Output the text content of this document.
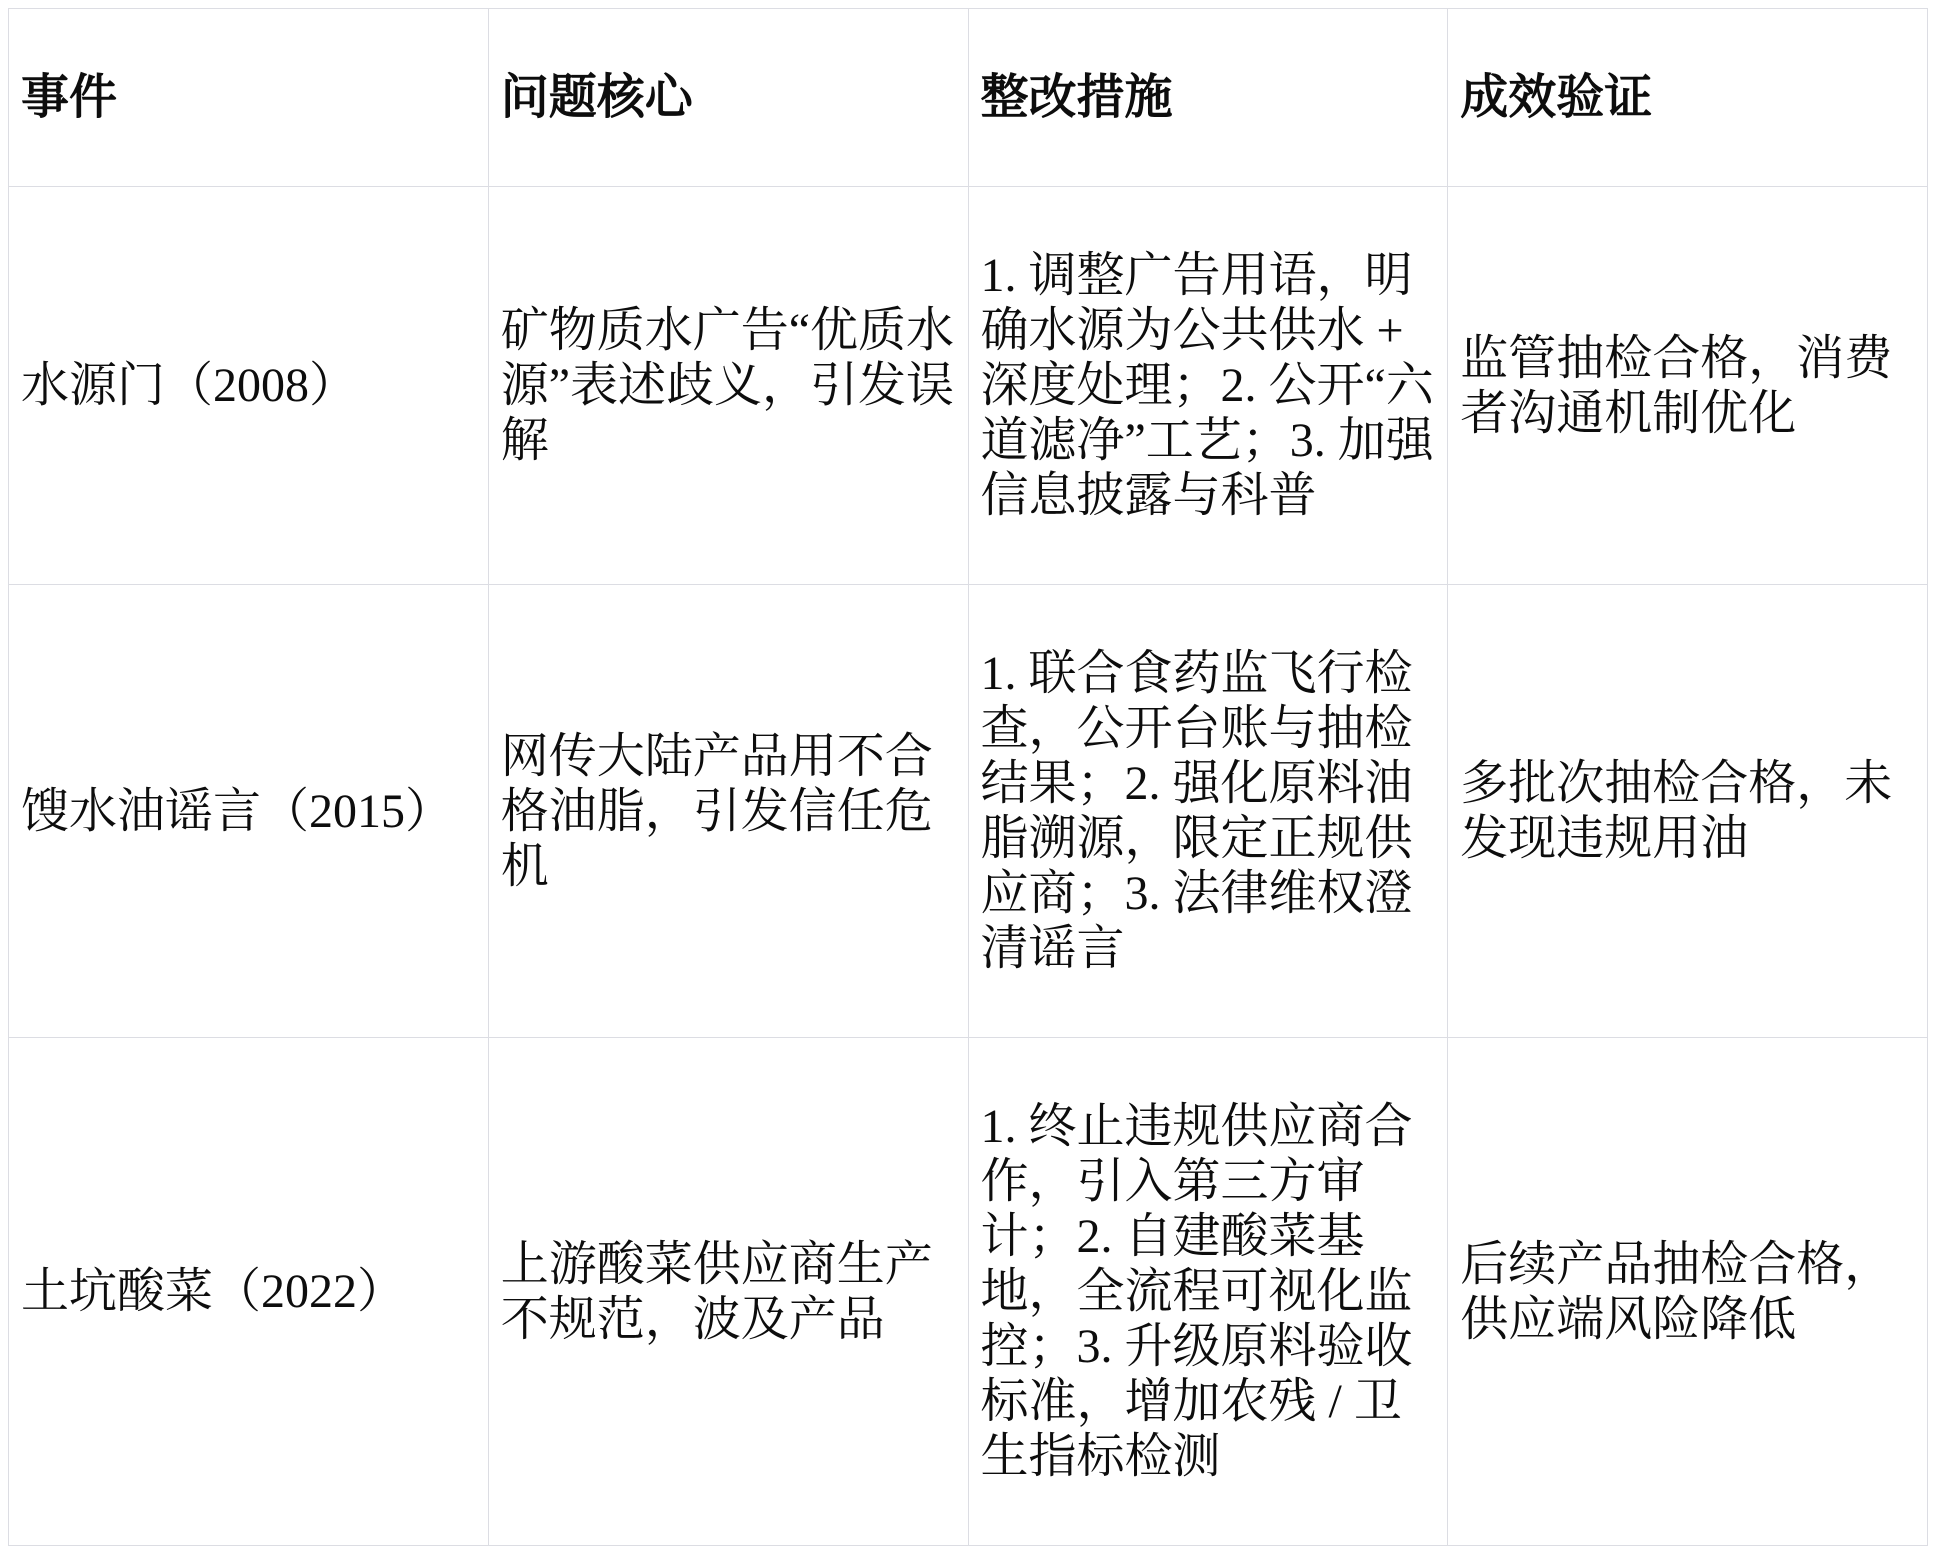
事件	问题核心	整改措施	成效验证
水源门（2008）	矿物质水广告“优质水源”表述歧义，引发误解	1. 调整广告用语，明确水源为公共供水 + 深度处理；2. 公开“六道滤净”工艺；3. 加强信息披露与科普	监管抽检合格，消费者沟通机制优化
馊水油谣言（2015）	网传大陆产品用不合格油脂，引发信任危机	1. 联合食药监飞行检查，公开台账与抽检结果；2. 强化原料油脂溯源，限定正规供应商；3. 法律维权澄清谣言	多批次抽检合格，未发现违规用油
土坑酸菜（2022）	上游酸菜供应商生产不规范，波及产品	1. 终止违规供应商合作，引入第三方审计；2. 自建酸菜基地，全流程可视化监控；3. 升级原料验收标准，增加农残 / 卫生指标检测	后续产品抽检合格，供应端风险降低
